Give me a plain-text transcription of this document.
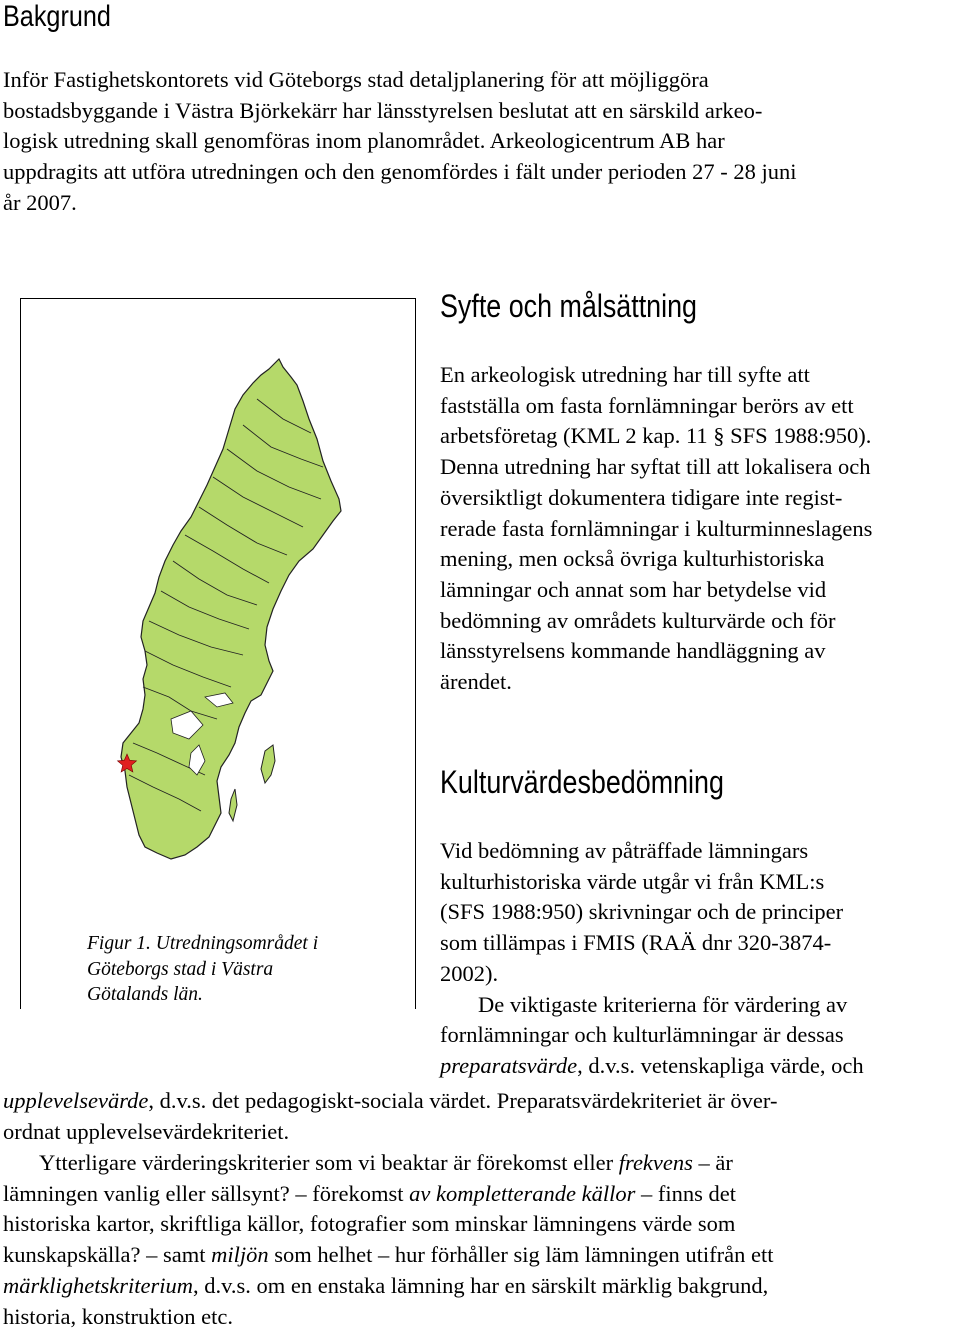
Bakgrund

Inför Fastighetskontorets vid Göteborgs stad detaljplanering för att möjliggöra
bostadsbyggande i Västra Björkekärr har länsstyrelsen beslutat att en särskild arkeo-
logisk utredning skall genomföras inom planområdet. Arkeologicentrum AB har
uppdragits att utföra utredningen och den genomfördes i fält under perioden 27 - 28 juni
år 2007.

Figur 1. Utredningsområdet i
Göteborgs stad i Västra
Götalands län.
Syfte och målsättning

En arkeologisk utredning har till syfte att
fastställa om fasta fornlämningar berörs av ett
arbetsföretag (KML 2 kap. 11 § SFS 1988:950).
Denna utredning har syftat till att lokalisera och
översiktligt dokumentera tidigare inte regist-
rerade fasta fornlämningar i kulturminneslagens
mening, men också övriga kulturhistoriska
lämningar och annat som har betydelse vid
bedömning av områdets kulturvärde och för
länsstyrelsens kommande handläggning av
ärendet.

Kulturvärdesbedömning

Vid bedömning av påträffade lämningars
kulturhistoriska värde utgår vi från KML:s
(SFS 1988:950) skrivningar och de principer
som tillämpas i FMIS (RAÄ dnr 320-3874-
2002).
De viktigaste kriterierna för värdering av
fornlämningar och kulturlämningar är dessas
preparatsvärde, d.v.s. vetenskapliga värde, och

upplevelsevärde, d.v.s. det pedagogiskt-sociala värdet. Preparatsvärdekriteriet är över-
ordnat upplevelsevärdekriteriet.

Ytterligare värderingskriterier som vi beaktar är förekomst eller frekvens – är
lämningen vanlig eller sällsynt? – förekomst av kompletterande källor – finns det
historiska kartor, skriftliga källor, fotografier som minskar lämningens värde som
kunskapskälla? – samt miljön som helhet – hur förhåller sig läm lämningen utifrån ett
märklighetskriterium, d.v.s. om en enstaka lämning har en särskilt märklig bakgrund,
historia, konstruktion etc.
